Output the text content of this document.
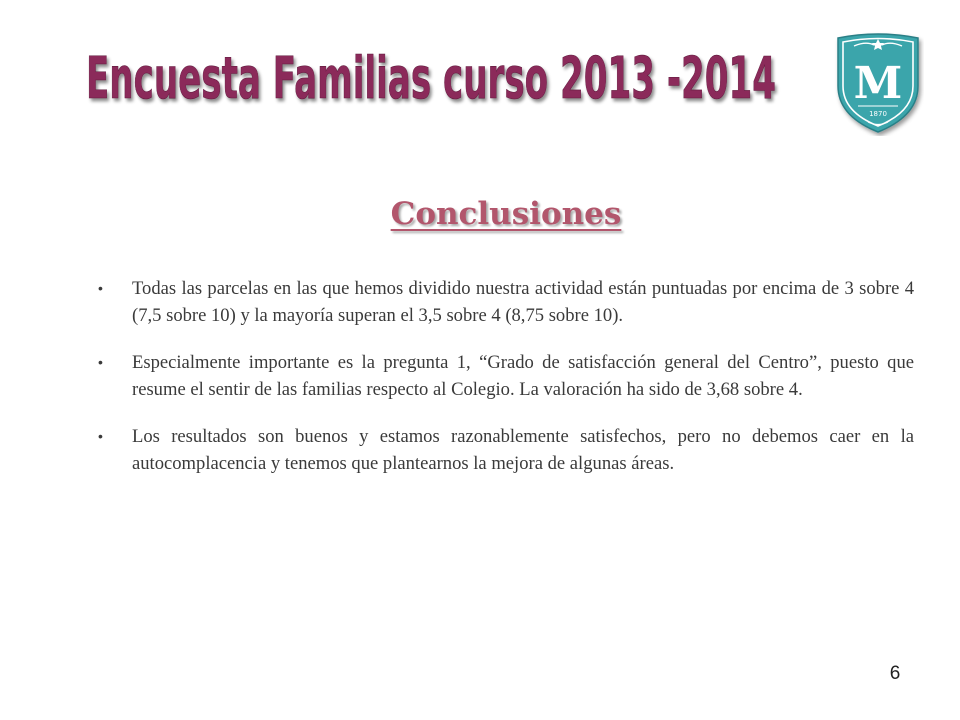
Encuesta Familias curso 2013 -2014 M
1870
Conclusiones
• Todas las parcelas en las que hemos dividido nuestra actividad están puntuadas por encima de 3 sobre 4 (7,5 sobre 10) y la mayoría superan el 3,5 sobre 4 (8,75 sobre 10).
• Especialmente importante es la pregunta 1, “Grado de satisfacción general del Centro”, puesto que resume el sentir de las familias respecto al Colegio. La valoración ha sido de 3,68 sobre 4.
• Los resultados son buenos y estamos razonablemente satisfechos, pero no debemos caer en la autocomplacencia y tenemos que plantearnos la mejora de algunas áreas.
6
